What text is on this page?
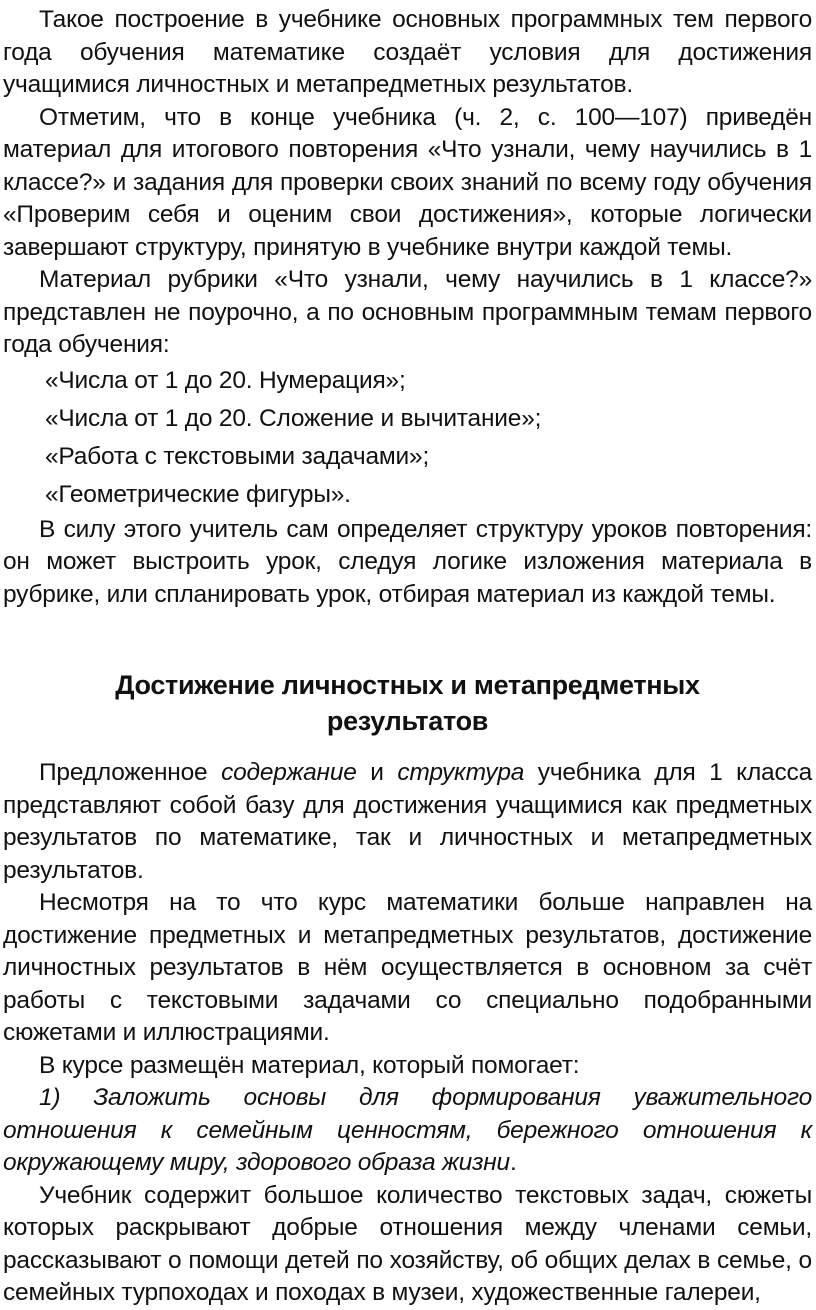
Такое построение в учебнике основных программных тем первого года обучения математике создаёт условия для достижения учащимися личностных и метапредметных результатов.

Отметим, что в конце учебника (ч. 2, с. 100—107) приведён материал для итогового повторения «Что узнали, чему научились в 1 классе?» и задания для проверки своих знаний по всему году обучения «Проверим себя и оценим свои достижения», которые логически завершают структуру, принятую в учебнике внутри каждой темы.

Материал рубрики «Что узнали, чему научились в 1 классе?» представлен не поурочно, а по основным программным темам первого года обучения:

«Числа от 1 до 20. Нумерация»;

«Числа от 1 до 20. Сложение и вычитание»;

«Работа с текстовыми задачами»;

«Геометрические фигуры».

В силу этого учитель сам определяет структуру уроков повторения: он может выстроить урок, следуя логике изложения материала в рубрике, или спланировать урок, отбирая материал из каждой темы.

Достижение личностных и метапредметных
результатов

Предложенное содержание и структура учебника для 1 класса представляют собой базу для достижения учащимися как предметных результатов по математике, так и личностных и метапредметных результатов.

Несмотря на то что курс математики больше направлен на достижение предметных и метапредметных результатов, достижение личностных результатов в нём осуществляется в основном за счёт работы с текстовыми задачами со специально подобранными сюжетами и иллюстрациями.

В курсе размещён материал, который помогает:

1) Заложить основы для формирования уважительного отношения к семейным ценностям, бережного отношения к окружающему миру, здорового образа жизни.

Учебник содержит большое количество текстовых задач, сюжеты которых раскрывают добрые отношения между членами семьи, рассказывают о помощи детей по хозяйству, об общих делах в семье, о семейных турпоходах и походах в музеи, художественные галереи,
